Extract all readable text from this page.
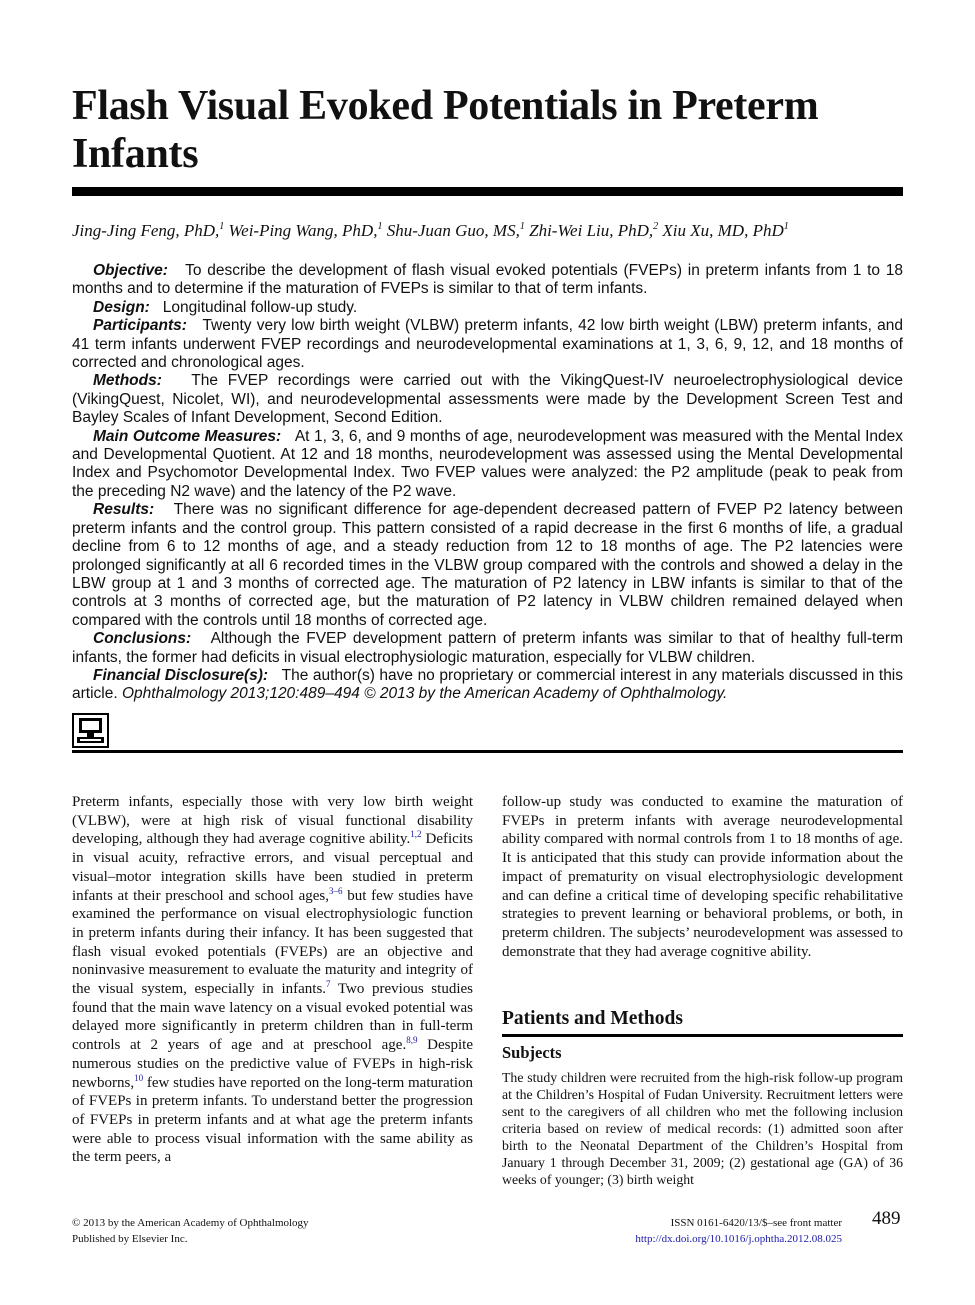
Flash Visual Evoked Potentials in Preterm Infants
Jing-Jing Feng, PhD,$^1$ Wei-Ping Wang, PhD,$^1$ Shu-Juan Guo, MS,$^1$ Zhi-Wei Liu, PhD,$^2$ Xiu Xu, MD, PhD$^1$

Objective: To describe the development of flash visual evoked potentials (FVEPs) in preterm infants from 1 to 18 months and to determine if the maturation of FVEPs is similar to that of term infants.

Design: Longitudinal follow-up study.

Participants: Twenty very low birth weight (VLBW) preterm infants, 42 low birth weight (LBW) preterm infants, and 41 term infants underwent FVEP recordings and neurodevelopmental examinations at 1, 3, 6, 9, 12, and 18 months of corrected and chronological ages.

Methods: The FVEP recordings were carried out with the VikingQuest-IV neuroelectrophysiological device (VikingQuest, Nicolet, WI), and neurodevelopmental assessments were made by the Development Screen Test and Bayley Scales of Infant Development, Second Edition.

Main Outcome Measures: At 1, 3, 6, and 9 months of age, neurodevelopment was measured with the Mental Index and Developmental Quotient. At 12 and 18 months, neurodevelopment was assessed using the Mental Developmental Index and Psychomotor Developmental Index. Two FVEP values were analyzed: the P2 amplitude (peak to peak from the preceding N2 wave) and the latency of the P2 wave.

Results: There was no significant difference for age-dependent decreased pattern of FVEP P2 latency between preterm infants and the control group. This pattern consisted of a rapid decrease in the first 6 months of life, a gradual decline from 6 to 12 months of age, and a steady reduction from 12 to 18 months of age. The P2 latencies were prolonged significantly at all 6 recorded times in the VLBW group compared with the controls and showed a delay in the LBW group at 1 and 3 months of corrected age. The maturation of P2 latency in LBW infants is similar to that of the controls at 3 months of corrected age, but the maturation of P2 latency in VLBW children remained delayed when compared with the controls until 18 months of corrected age.

Conclusions: Although the FVEP development pattern of preterm infants was similar to that of healthy full-term infants, the former had deficits in visual electrophysiologic maturation, especially for VLBW children.

Financial Disclosure(s): The author(s) have no proprietary or commercial interest in any materials discussed in this article. Ophthalmology 2013;120:489–494 © 2013 by the American Academy of Ophthalmology.

Preterm infants, especially those with very low birth weight (VLBW), were at high risk of visual functional disability developing, although they had average cognitive ability.$^{1,2}$ Deficits in visual acuity, refractive errors, and visual perceptual and visual–motor integration skills have been studied in preterm infants at their preschool and school ages,$^{3-6}$ but few studies have examined the performance on visual electrophysiologic function in preterm infants during their infancy. It has been suggested that flash visual evoked potentials (FVEPs) are an objective and noninvasive measurement to evaluate the maturity and integrity of the visual system, especially in infants.$^7$ Two previous studies found that the main wave latency on a visual evoked potential was delayed more significantly in preterm children than in full-term controls at 2 years of age and at preschool age.$^{8,9}$ Despite numerous studies on the predictive value of FVEPs in high-risk newborns,$^{10}$ few studies have reported on the long-term maturation of FVEPs in preterm infants. To understand better the progression of FVEPs in preterm infants and at what age the preterm infants were able to process visual information with the same ability as the term peers, a

follow-up study was conducted to examine the maturation of FVEPs in preterm infants with average neurodevelopmental ability compared with normal controls from 1 to 18 months of age. It is anticipated that this study can provide information about the impact of prematurity on visual electrophysiologic development and can define a critical time of developing specific rehabilitative strategies to prevent learning or behavioral problems, or both, in preterm children. The subjects’ neurodevelopment was assessed to demonstrate that they had average cognitive ability.

Patients and Methods
Subjects

The study children were recruited from the high-risk follow-up program at the Children’s Hospital of Fudan University. Recruitment letters were sent to the caregivers of all children who met the following inclusion criteria based on review of medical records: (1) admitted soon after birth to the Neonatal Department of the Children’s Hospital from January 1 through December 31, 2009; (2) gestational age (GA) of 36 weeks of younger; (3) birth weight

© 2013 by the American Academy of Ophthalmology
Published by Elsevier Inc.
ISSN 0161-6420/13/$–see front matter
http://dx.doi.org/10.1016/j.ophtha.2012.08.025
489
